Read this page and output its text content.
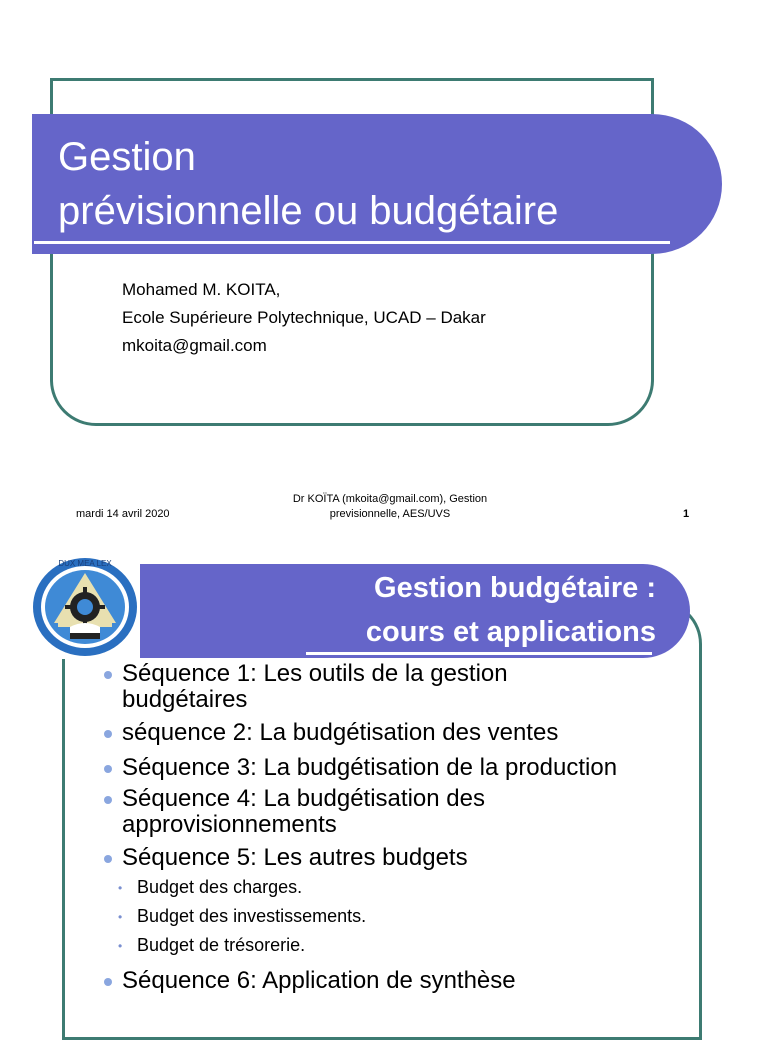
Gestion
prévisionnelle ou budgétaire
Mohamed M. KOITA,
Ecole Supérieure Polytechnique, UCAD – Dakar
mkoita@gmail.com
mardi 14 avril 2020
Dr KOÏTA (mkoita@gmail.com), Gestion
previsionnelle, AES/UVS	1
Gestion budgétaire :
cours et applications
DUX MEA LEX
Séquence 1: Les outils de la gestion budgétaires
séquence 2: La budgétisation des ventes
Séquence 3: La budgétisation de la production
Séquence 4: La budgétisation des approvisionnements
Séquence 5: Les autres budgets
• Budget des charges.
• Budget des investissements.
• Budget de trésorerie.
Séquence 6: Application de synthèse
